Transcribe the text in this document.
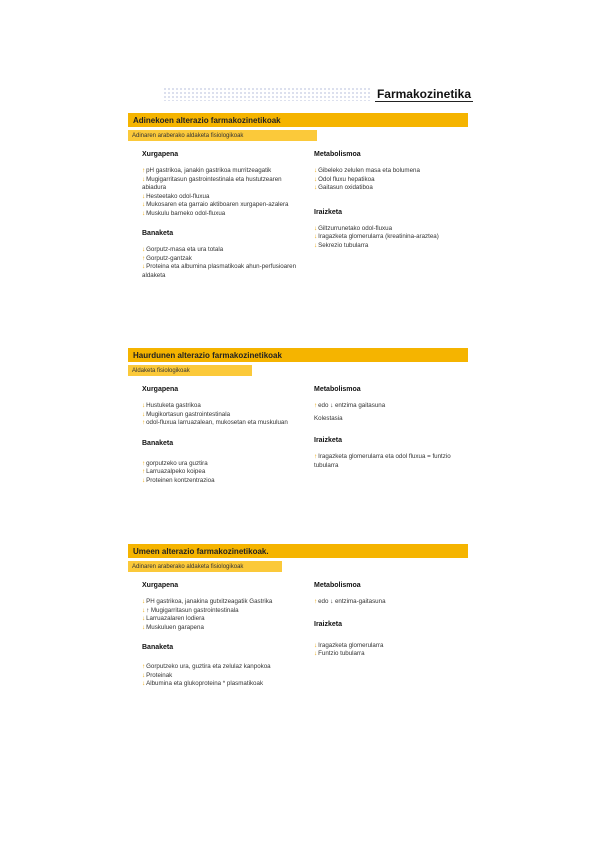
Farmakozinetika
Adinekoen alterazio farmakozinetikoak
Adinaren araberako aldaketa fisiologikoak
Xurgapena
↑pH gastrikoa, janakin gastrikoa murritzeagatik
↓Mugigarritasun gastrointestinala eta hustutzearen abiadura
↓Hesteetako odol-fluxua
↓Mukosaren eta garraio aktiboaren xurgapen-azalera
↓Muskulu barneko odol-fluxua
Banaketa
↓Gorputz-masa eta ura totala
↑Gorputz-gantzak
↓Proteina eta albumina plasmatikoak ahun-perfusioaren aldaketa
Metabolismoa
↓Gibeleko zelulen masa eta bolumena
↓Odol fluxu hepatikoa
↓Gaitasun oxidatiboa
Iraizketa
↓Giltzurrunetako odol-fluxua
↓Iragazketa glomerularra (kreatinina-araztea)
↓Sekrezio tubularra
Haurdunen alterazio farmakozinetikoak
Aldaketa fisiologikoak
Xurgapena
↓Hustuketa gastrikoa
↓Mugikortasun gastrointestinala
↑odol-fluxua larruazalean, mukosetan eta muskuluan
Banaketa
↑gorputzeko ura guztira
↑Larruazalpeko koipea
↓Proteinen kontzentrazioa
Metabolismoa
↑edo ↓ entzima gaitasuna
Kolestasia
Iraizketa
↑Iragazketa glomerularra eta odol fluxua = funtzio tubularra
Umeen alterazio farmakozinetikoak.
Adinaren araberako aldaketa fisiologikoak
Xurgapena
↓PH gastrikoa, janakina gutxitzeagatik Gastrika
↓↑ Mugigarritasun gastrointestinala
↓Larruazalaren lodiera
↓Muskuluen garapena
Banaketa
↑Gorputzeko ura, guztira eta zelulaz kanpokoa
↓Proteinak
↓Albumina eta glukoproteina * plasmatikoak
Metabolismoa
↑edo ↓ entzima-gaitasuna
Iraizketa
↓Iragazketa glomerularra
↓Funtzio tubularra
